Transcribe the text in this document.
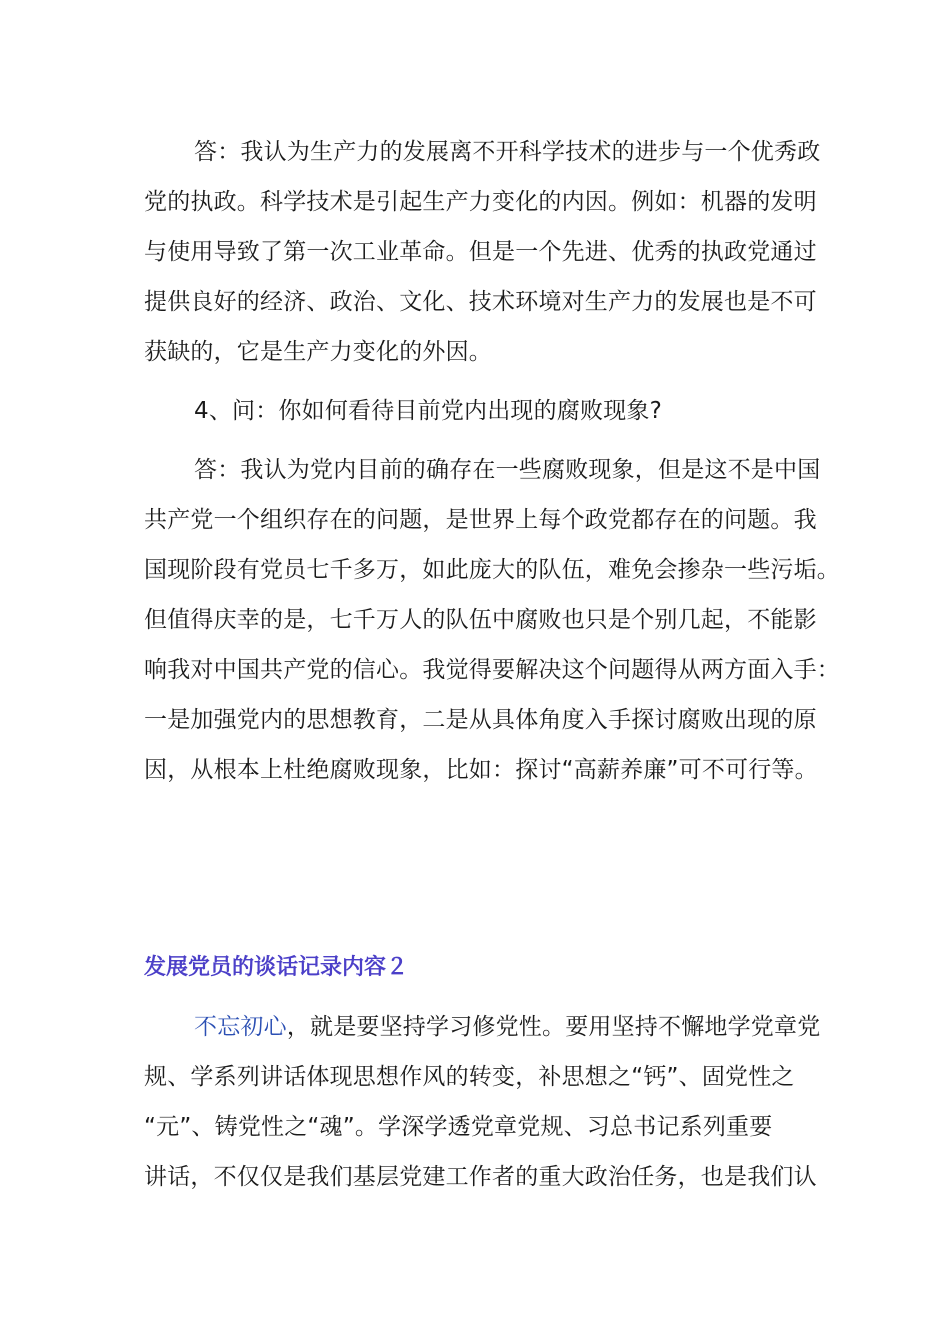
答：我认为生产力的发展离不开科学技术的进步与一个优秀政
党的执政。科学技术是引起生产力变化的内因。例如：机器的发明
与使用导致了第一次工业革命。但是一个先进、优秀的执政党通过
提供良好的经济、政治、文化、技术环境对生产力的发展也是不可
获缺的，它是生产力变化的外因。
4、问：你如何看待目前党内出现的腐败现象?
答：我认为党内目前的确存在一些腐败现象，但是这不是中国
共产党一个组织存在的问题，是世界上每个政党都存在的问题。我
国现阶段有党员七千多万，如此庞大的队伍，难免会掺杂一些污垢。
但值得庆幸的是，七千万人的队伍中腐败也只是个别几起，不能影
响我对中国共产党的信心。我觉得要解决这个问题得从两方面入手：
一是加强党内的思想教育，二是从具体角度入手探讨腐败出现的原
因，从根本上杜绝腐败现象，比如：探讨“高薪养廉”可不可行等。
发展党员的谈话记录内容２
不忘初心，就是要坚持学习修党性。要用坚持不懈地学党章党
规、学系列讲话体现思想作风的转变，补思想之“钙”、固党性之
“元”、铸党性之“魂”。学深学透党章党规、习总书记系列重要
讲话，不仅仅是我们基层党建工作者的重大政治任务，也是我们认
